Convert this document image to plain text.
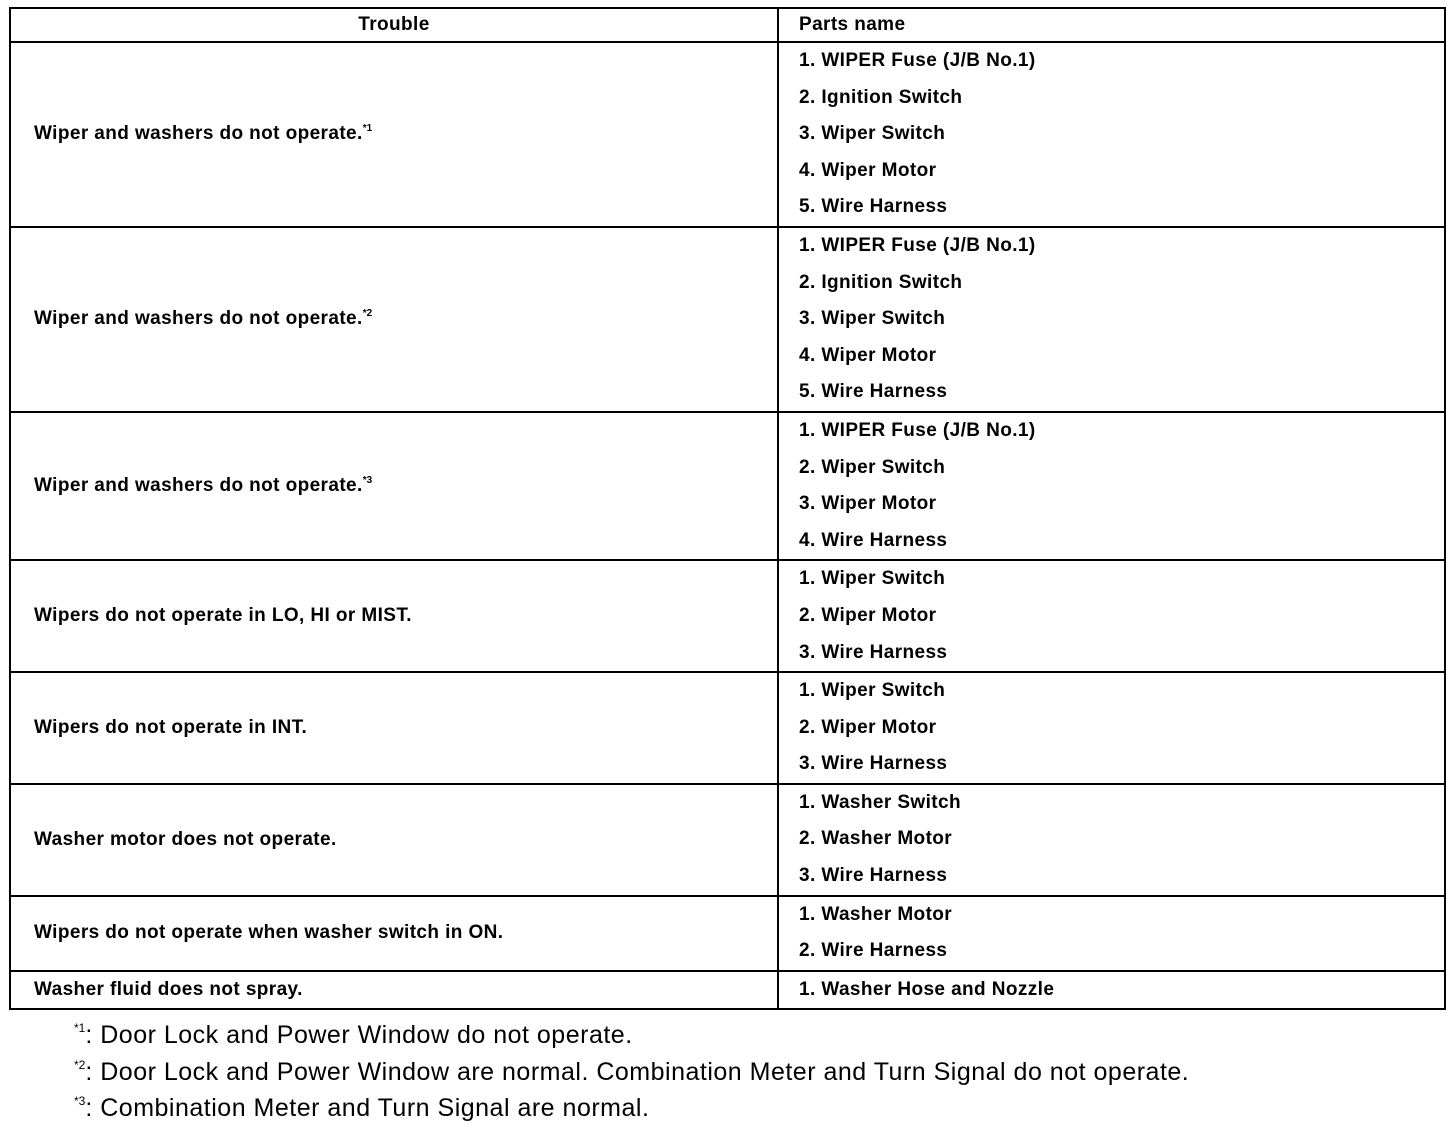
Trouble	Parts name
Wiper and washers do not operate.$^{*1}$	1. WIPER Fuse (J/B No.1)
2. Ignition Switch
3. Wiper Switch
4. Wiper Motor
5. Wire Harness

Wiper and washers do not operate.$^{*2}$	1. WIPER Fuse (J/B No.1)
2. Ignition Switch
3. Wiper Switch
4. Wiper Motor
5. Wire Harness

Wiper and washers do not operate.$^{*3}$	1. WIPER Fuse (J/B No.1)
2. Wiper Switch
3. Wiper Motor
4. Wire Harness

Wipers do not operate in LO, HI or MIST.	1. Wiper Switch
2. Wiper Motor
3. Wire Harness

Wipers do not operate in INT.	1. Wiper Switch
2. Wiper Motor
3. Wire Harness

Washer motor does not operate.	1. Washer Switch
2. Washer Motor
3. Wire Harness

Wipers do not operate when washer switch in ON.	1. Washer Motor
2. Wire Harness

Washer fluid does not spray.	1. Washer Hose and Nozzle
$^{*1}$: Door Lock and Power Window do not operate.
$^{*2}$: Door Lock and Power Window are normal. Combination Meter and Turn Signal do not operate.
$^{*3}$: Combination Meter and Turn Signal are normal.
